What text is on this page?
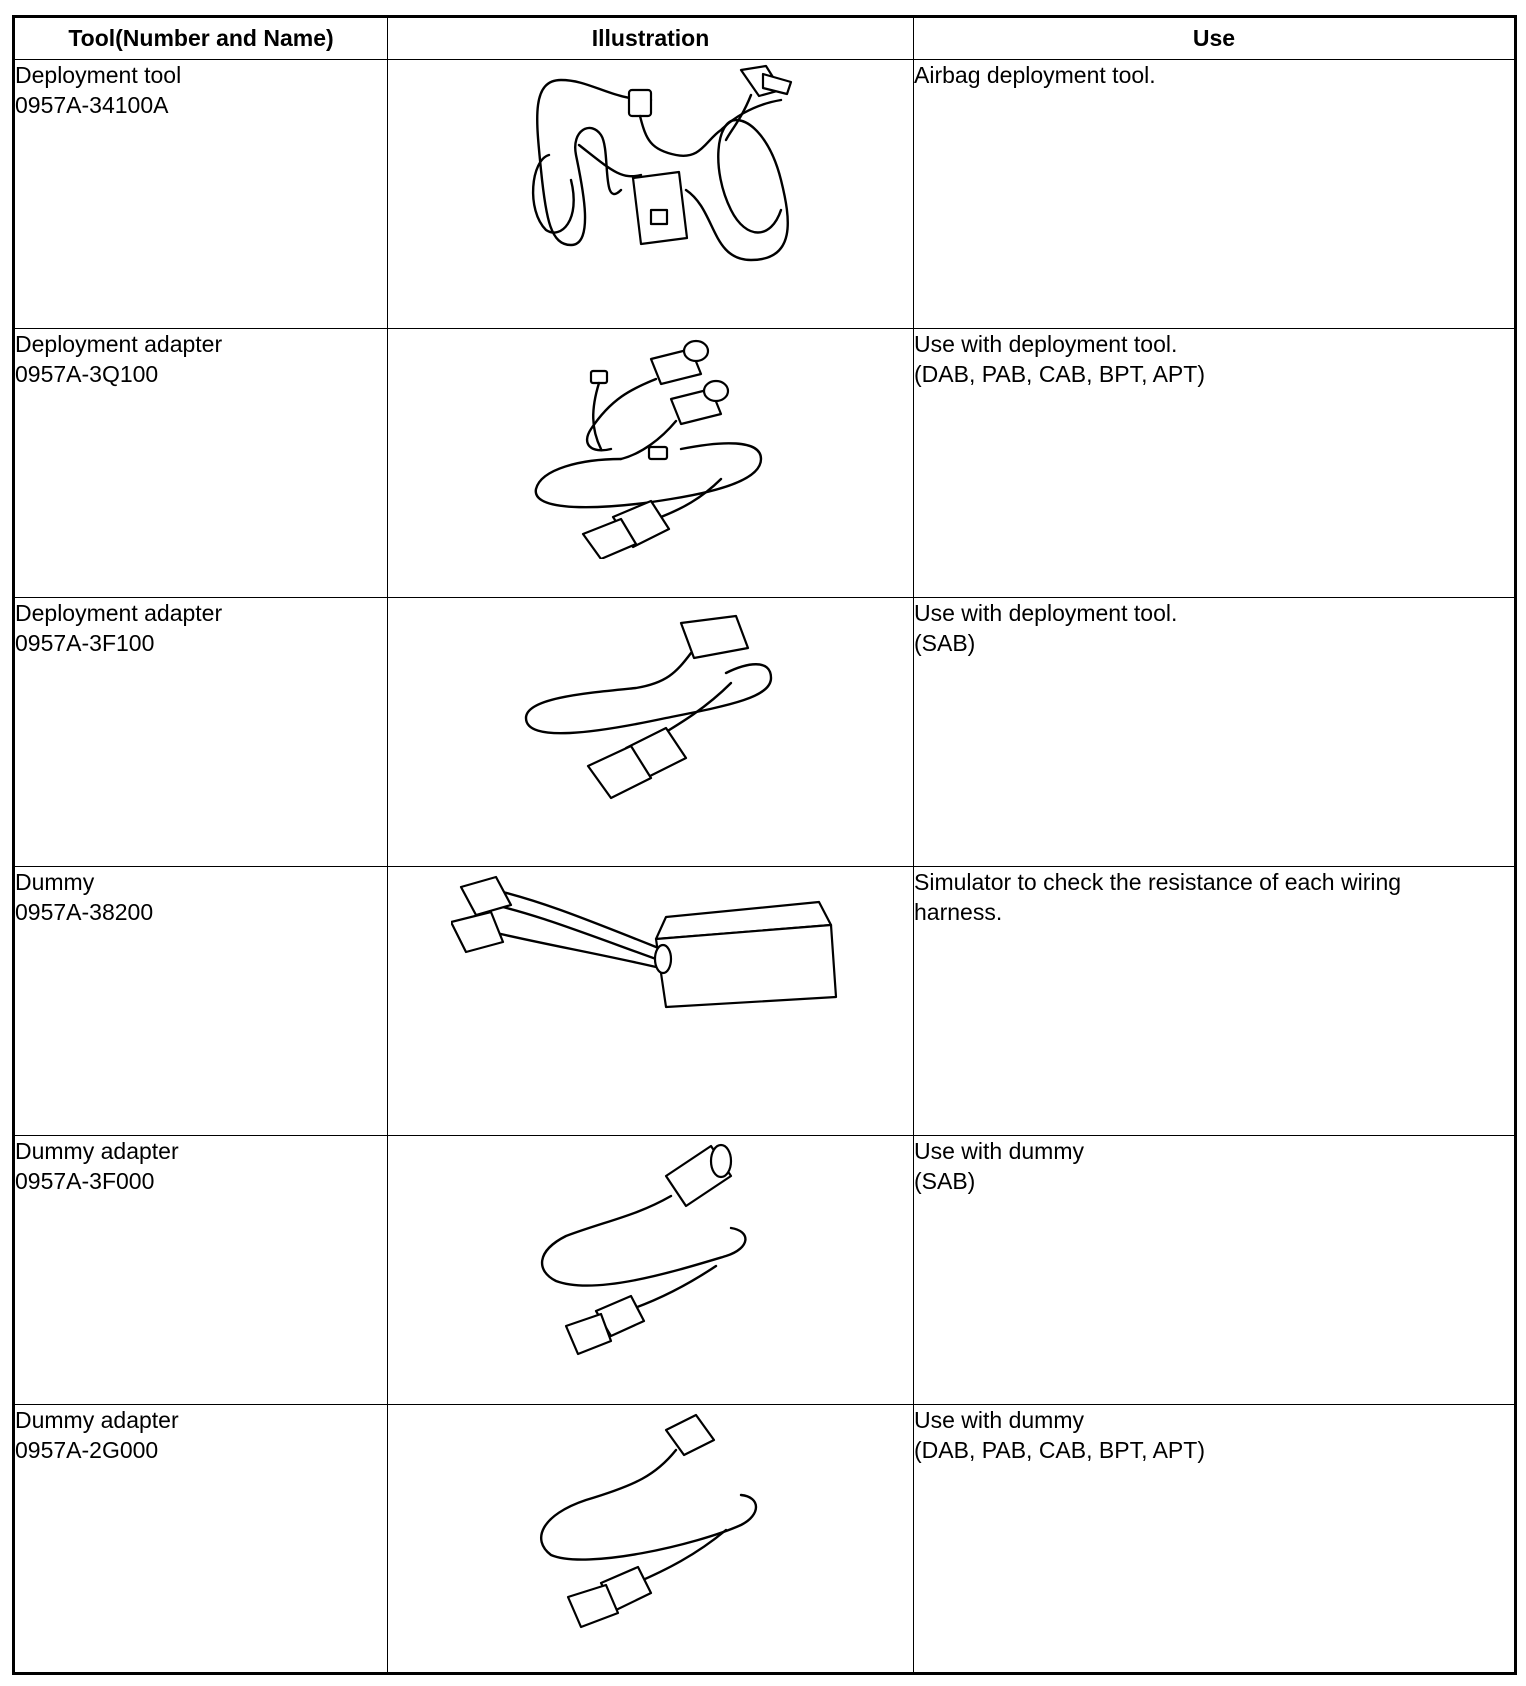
Tool(Number and Name)	Illustration	Use

Deployment tool
0957A-34100A		Airbag deployment tool.

Deployment adapter
0957A-3Q100		Use with deployment tool.
(DAB, PAB, CAB, BPT, APT)

Deployment adapter
0957A-3F100		Use with deployment tool.
(SAB)

Dummy
0957A-38200		Simulator to check the resistance of each wiring
harness.

Dummy adapter
0957A-3F000		Use with dummy
(SAB)

Dummy adapter
0957A-2G000		Use with dummy
(DAB, PAB, CAB, BPT, APT)
